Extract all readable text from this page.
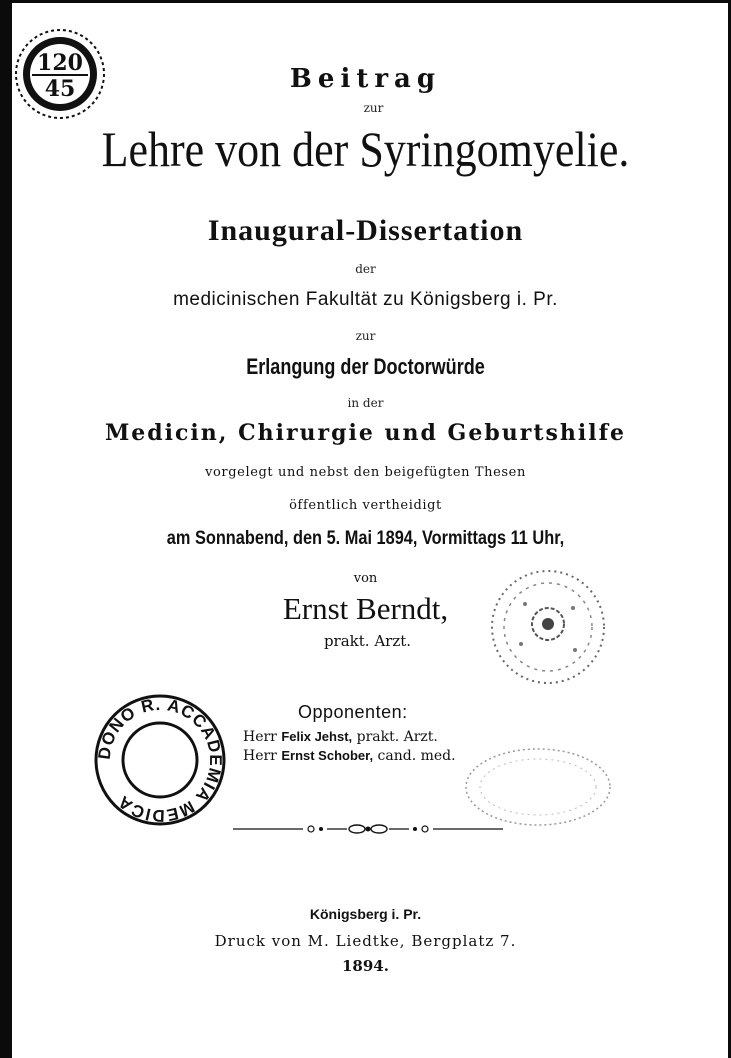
120
45	Beitrag
zur
Lehre von der Syringomyelie.
Inaugural-Dissertation
der
medicinischen Fakultät zu Königsberg i. Pr.
zur
Erlangung der Doctorwürde
in der
Medicin, Chirurgie und Geburtshilfe
vorgelegt und nebst den beigefügten Thesen
öffentlich vertheidigt
am Sonnabend, den 5. Mai 1894, Vormittags 11 Uhr,
von
Ernst Berndt,
prakt. Arzt.
Opponenten:
Herr Felix Jehst, prakt. Arzt.
Herr Ernst Schober, cand. med.
DONO R. ACCADEMIA MEDICA
Königsberg i. Pr.
Druck von M. Liedtke, Bergplatz 7.
1894.
